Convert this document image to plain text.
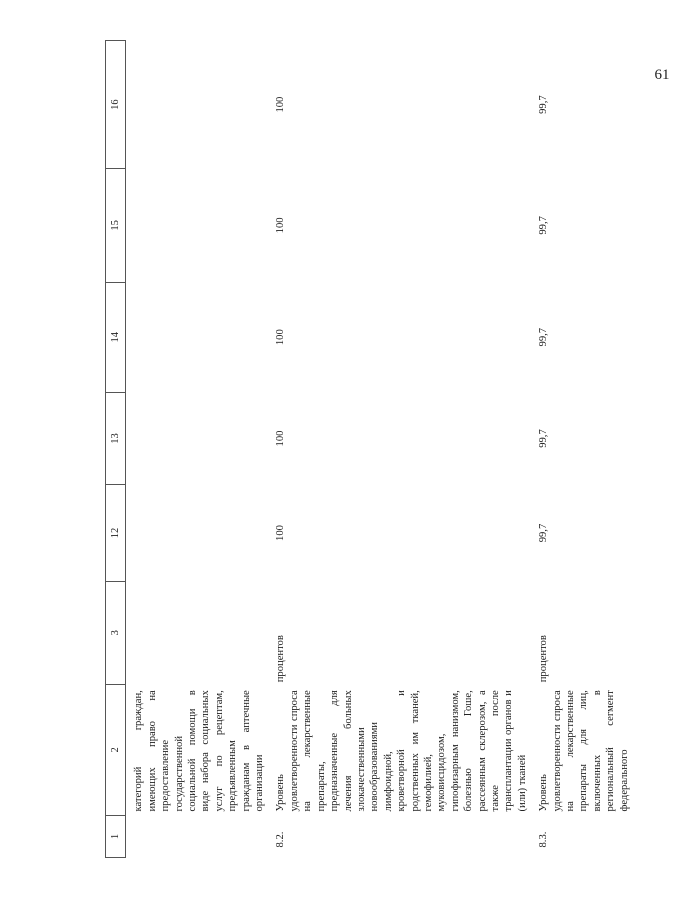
61
1	2	3	12	13	14	15	16
	категорий граждан, имеющих право на предоставление государственной социальной помощи в виде набора социальных услуг по рецептам, предъявленным гражданам в аптечные организации						
8.2.	Уровень удовлетворенности спроса на лекарственные препараты, предназначенные для лечения больных злокачественными новообразованиями лимфоидной, кроветворной и родственных им тканей, гемофилией, муковисцидозом, гипофизарным нанизмом, болезнью Гоше, рассеянным склерозом, а также после трансплантации органов и (или) тканей	процентов	100	100	100	100	100
8.3.	Уровень удовлетворенности спроса на лекарственные препараты для лиц, включенных в региональный сегмент федерального	процентов	99,7	99,7	99,7	99,7	99,7
